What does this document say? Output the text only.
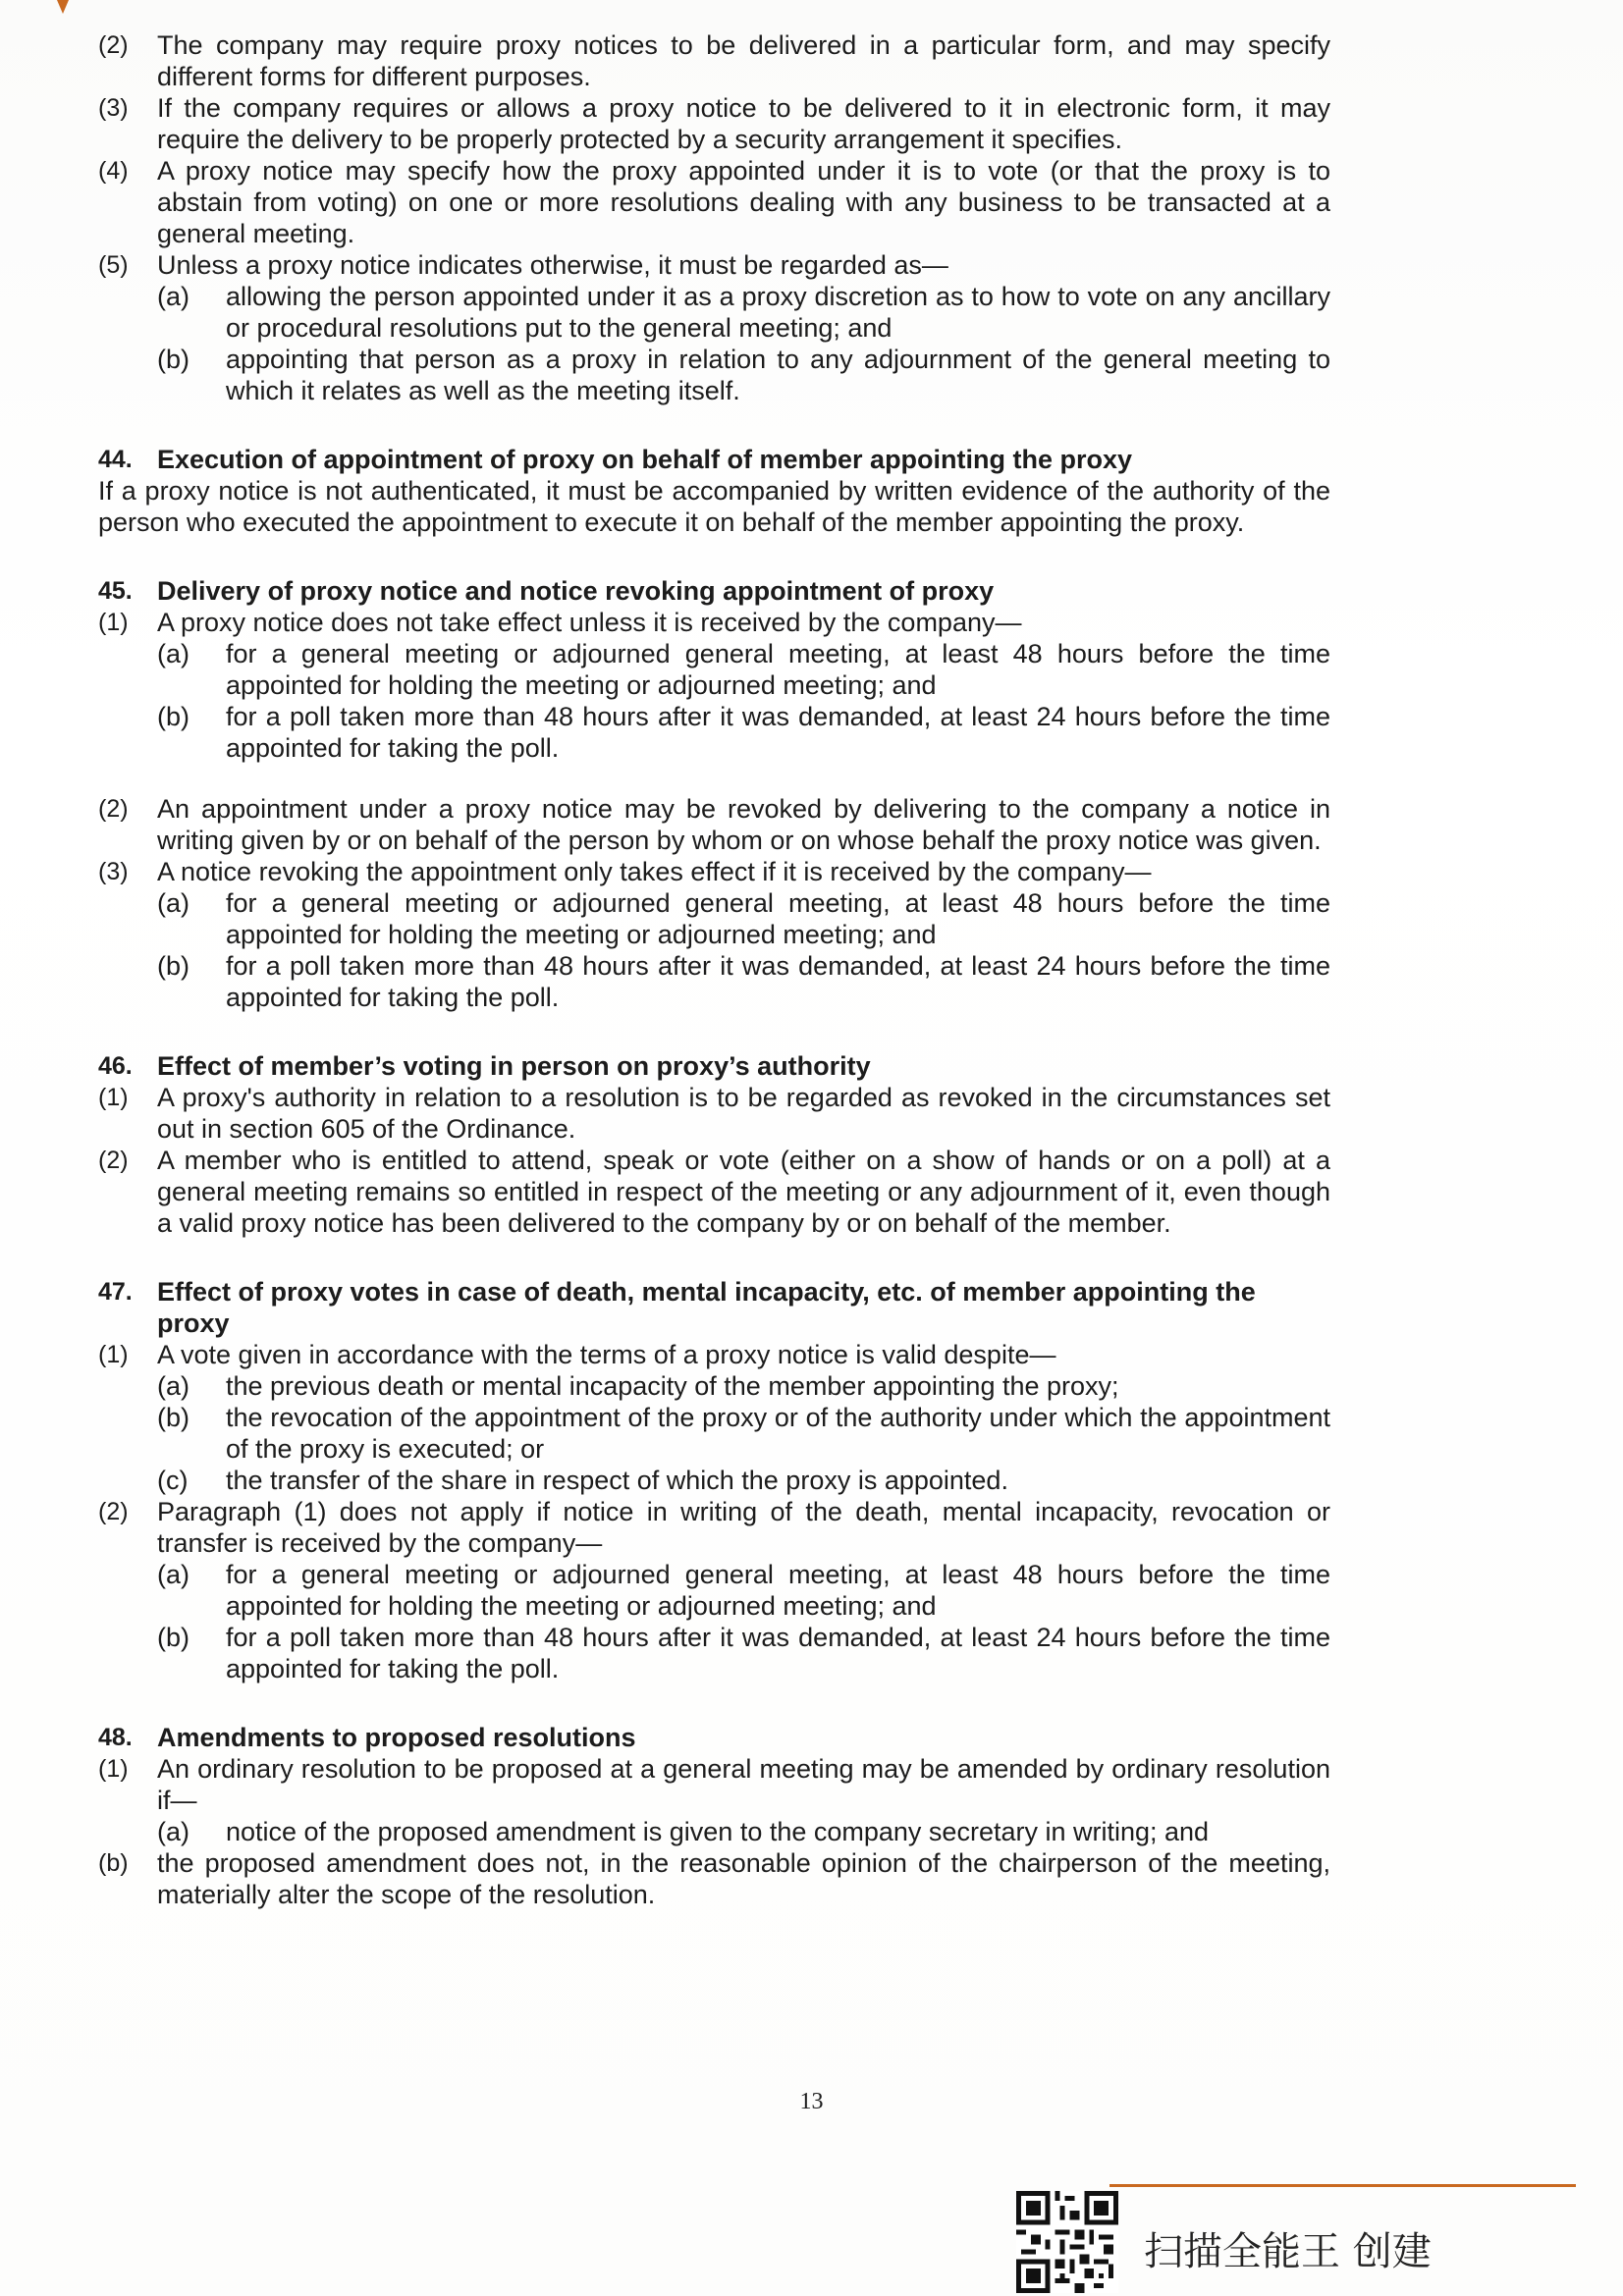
(2) The company may require proxy notices to be delivered in a particular form, and may specify different forms for different purposes.
(3) If the company requires or allows a proxy notice to be delivered to it in electronic form, it may require the delivery to be properly protected by a security arrangement it specifies.
(4) A proxy notice may specify how the proxy appointed under it is to vote (or that the proxy is to abstain from voting) on one or more resolutions dealing with any business to be transacted at a general meeting.
(5) Unless a proxy notice indicates otherwise, it must be regarded as—
(a) allowing the person appointed under it as a proxy discretion as to how to vote on any ancillary or procedural resolutions put to the general meeting; and
(b) appointing that person as a proxy in relation to any adjournment of the general meeting to which it relates as well as the meeting itself.
44. Execution of appointment of proxy on behalf of member appointing the proxy
If a proxy notice is not authenticated, it must be accompanied by written evidence of the authority of the person who executed the appointment to execute it on behalf of the member appointing the proxy.
45. Delivery of proxy notice and notice revoking appointment of proxy
(1) A proxy notice does not take effect unless it is received by the company—
(a) for a general meeting or adjourned general meeting, at least 48 hours before the time appointed for holding the meeting or adjourned meeting; and
(b) for a poll taken more than 48 hours after it was demanded, at least 24 hours before the time appointed for taking the poll.
(2) An appointment under a proxy notice may be revoked by delivering to the company a notice in writing given by or on behalf of the person by whom or on whose behalf the proxy notice was given.
(3) A notice revoking the appointment only takes effect if it is received by the company—
(a) for a general meeting or adjourned general meeting, at least 48 hours before the time appointed for holding the meeting or adjourned meeting; and
(b) for a poll taken more than 48 hours after it was demanded, at least 24 hours before the time appointed for taking the poll.
46. Effect of member’s voting in person on proxy’s authority
(1) A proxy's authority in relation to a resolution is to be regarded as revoked in the circumstances set out in section 605 of the Ordinance.
(2) A member who is entitled to attend, speak or vote (either on a show of hands or on a poll) at a general meeting remains so entitled in respect of the meeting or any adjournment of it, even though a valid proxy notice has been delivered to the company by or on behalf of the member.
47. Effect of proxy votes in case of death, mental incapacity, etc. of member appointing the proxy
(1) A vote given in accordance with the terms of a proxy notice is valid despite—
(a) the previous death or mental incapacity of the member appointing the proxy;
(b) the revocation of the appointment of the proxy or of the authority under which the appointment of the proxy is executed; or
(c) the transfer of the share in respect of which the proxy is appointed.
(2) Paragraph (1) does not apply if notice in writing of the death, mental incapacity, revocation or transfer is received by the company—
(a) for a general meeting or adjourned general meeting, at least 48 hours before the time appointed for holding the meeting or adjourned meeting; and
(b) for a poll taken more than 48 hours after it was demanded, at least 24 hours before the time appointed for taking the poll.
48. Amendments to proposed resolutions
(1) An ordinary resolution to be proposed at a general meeting may be amended by ordinary resolution if—
(a) notice of the proposed amendment is given to the company secretary in writing; and
(b) the proposed amendment does not, in the reasonable opinion of the chairperson of the meeting, materially alter the scope of the resolution.
13
扫描全能王 创建
